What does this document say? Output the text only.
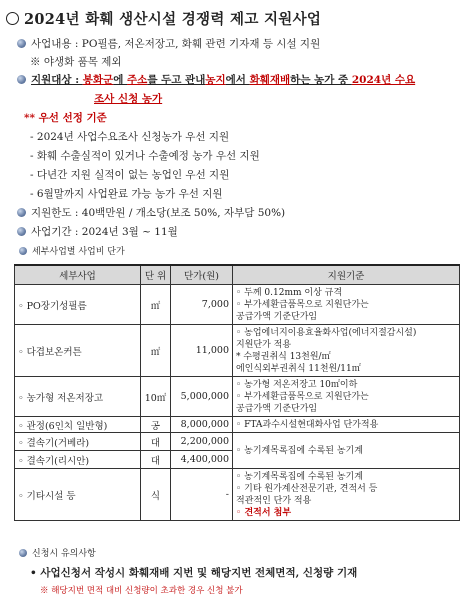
2024년 화훼 생산시설 경쟁력 제고 지원사업
사업내용 : PO필름, 저온저장고, 화훼 관련 기자재 등 시설 지원
※ 야생화 품목 제외
지원대상 : 봉화군에 주소를 두고 관내농지에서 화훼재배하는 농가 중 2024년 수요
조사 신청 농가
** 우선 선정 기준
- 2024년 사업수요조사 신청농가 우선 지원
- 화훼 수출실적이 있거나 수출예정 농가 우선 지원
- 다년간 지원 실적이 없는 농업인 우선 지원
- 6월말까지 사업완료 가능 농가 우선 지원
지원한도 : 40백만원 / 개소당(보조 50%, 자부담 50%)
사업기간 : 2024년 3월 ~ 11월
세부사업별 사업비 단가
세부사업	단 위	단가(원)	지원기준
◦ PO장기성필름	㎡	7,000	◦ 두께 0.12mm 이상 규격
◦ 부가세환급품목으로 지원단가는
공급가액 기준단가임

◦ 다겹보온커튼	㎡	11,000	◦ 농업에너지이용효율화사업(에너지절감시설)
지원단가 적용
* 수평권취식 13천원/㎡
에인식외부권취식 11천원/11㎡

◦ 농가형 저온저장고	10㎡	5,000,000	◦ 농가형 저온저장고 10㎡이하
◦ 부가세환급품목으로 지원단가는
공급가액 기준단가임

◦ 관정(6인치 일반형)	공	8,000,000	◦ FTA과수시설현대화사업 단가적용

◦ 결속기(거베라)	대	2,200,000	◦ 농기계목록집에 수록된 농기계

◦ 결속기(리시안)	대	4,400,000	
◦ 기타시설 등	식	-	◦ 농기계목록집에 수록된 농기계
◦ 기타 원가계산전문기관, 견적서 등
적관적인 단가 적용
◦ 견적서 첨부
신청시 유의사항
• 사업신청서 작성시 화훼재배 지번 및 해당지번 전체면적, 신청량 기재
※ 해당지번 면적 대비 신청량이 초과한 경우 신청 불가
